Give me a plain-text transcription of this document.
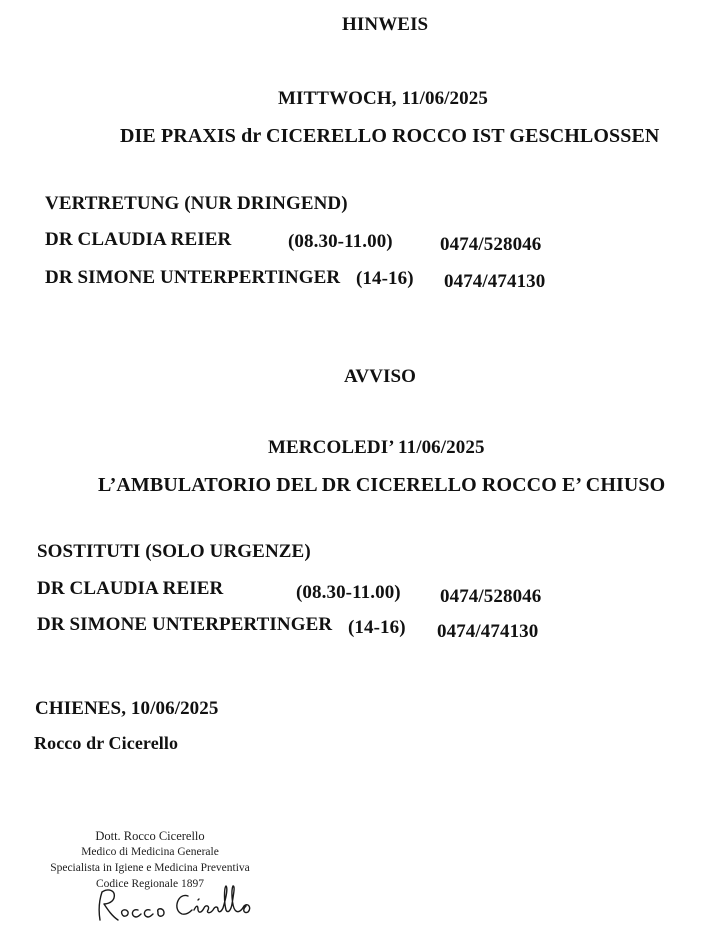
HINWEIS
MITTWOCH, 11/06/2025
DIE PRAXIS dr CICERELLO ROCCO IST GESCHLOSSEN
VERTRETUNG (NUR DRINGEND)
DR CLAUDIA REIER	(08.30-11.00) 0474/528046
DR SIMONE UNTERPERTINGER (14-16) 0474/474130
AVVISO
MERCOLEDI’ 11/06/2025
L’AMBULATORIO DEL DR CICERELLO ROCCO E’ CHIUSO
SOSTITUTI (SOLO URGENZE)
DR CLAUDIA REIER	(08.30-11.00) 0474/528046
DR SIMONE UNTERPERTINGER (14-16) 0474/474130
CHIENES, 10/06/2025
Rocco dr Cicerello
Dott. Rocco Cicerello
Medico di Medicina Generale
Specialista in Igiene e Medicina Preventiva
Codice Regionale 1897
